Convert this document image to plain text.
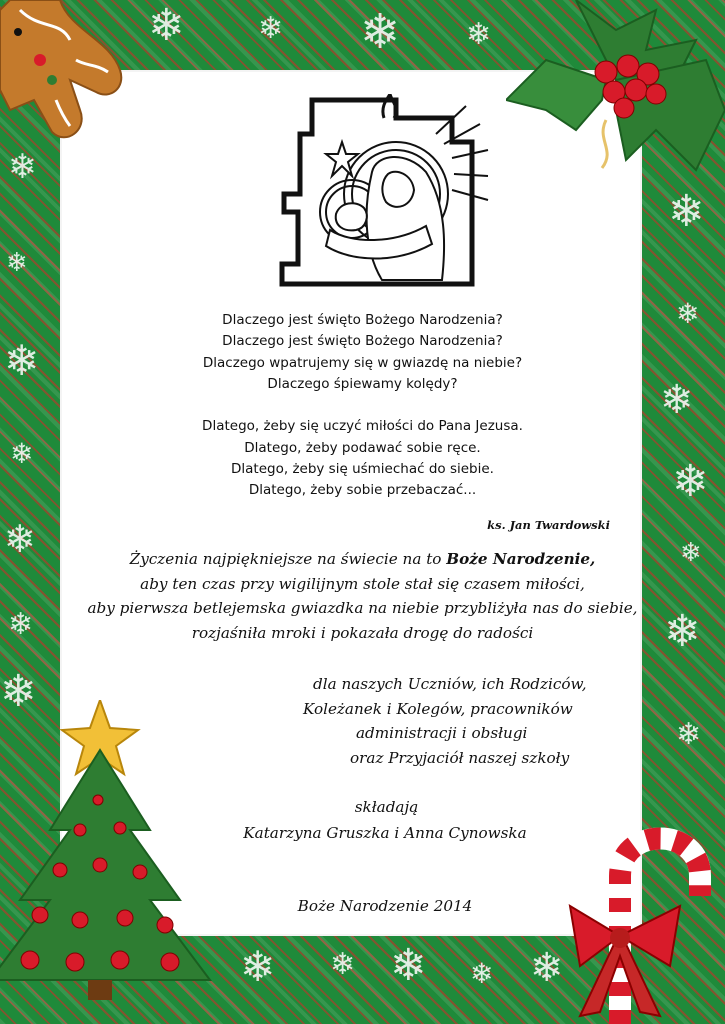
❄ ❄ ❄ ❄
❄
❄
❄
❄
❄
❄
❄
❄
❄
❄
❄
❄
❄
❄
❄ ❄ ❄ ❄ ❄
Dlaczego jest święto Bożego Narodzenia?
Dlaczego jest święto Bożego Narodzenia?
Dlaczego wpatrujemy się w gwiazdę na niebie?
Dlaczego śpiewamy kolędy?
Dlatego, żeby się uczyć miłości do Pana Jezusa.
Dlatego, żeby podawać sobie ręce.
Dlatego, żeby się uśmiechać do siebie.
Dlatego, żeby sobie przebaczać...
ks. Jan Twardowski
Życzenia najpiękniejsze na świecie na to Boże Narodzenie,
aby ten czas przy wigilijnym stole stał się czasem miłości,
aby pierwsza betlejemska gwiazdka na niebie przybliżyła nas do siebie,
rozjaśniła mroki i pokazała drogę do radości
dla naszych Uczniów, ich Rodziców,
Koleżanek i Kolegów, pracowników
administracji i obsługi
oraz Przyjaciół naszej szkoły
składają
Katarzyna Gruszka i Anna Cynowska
Boże Narodzenie 2014
